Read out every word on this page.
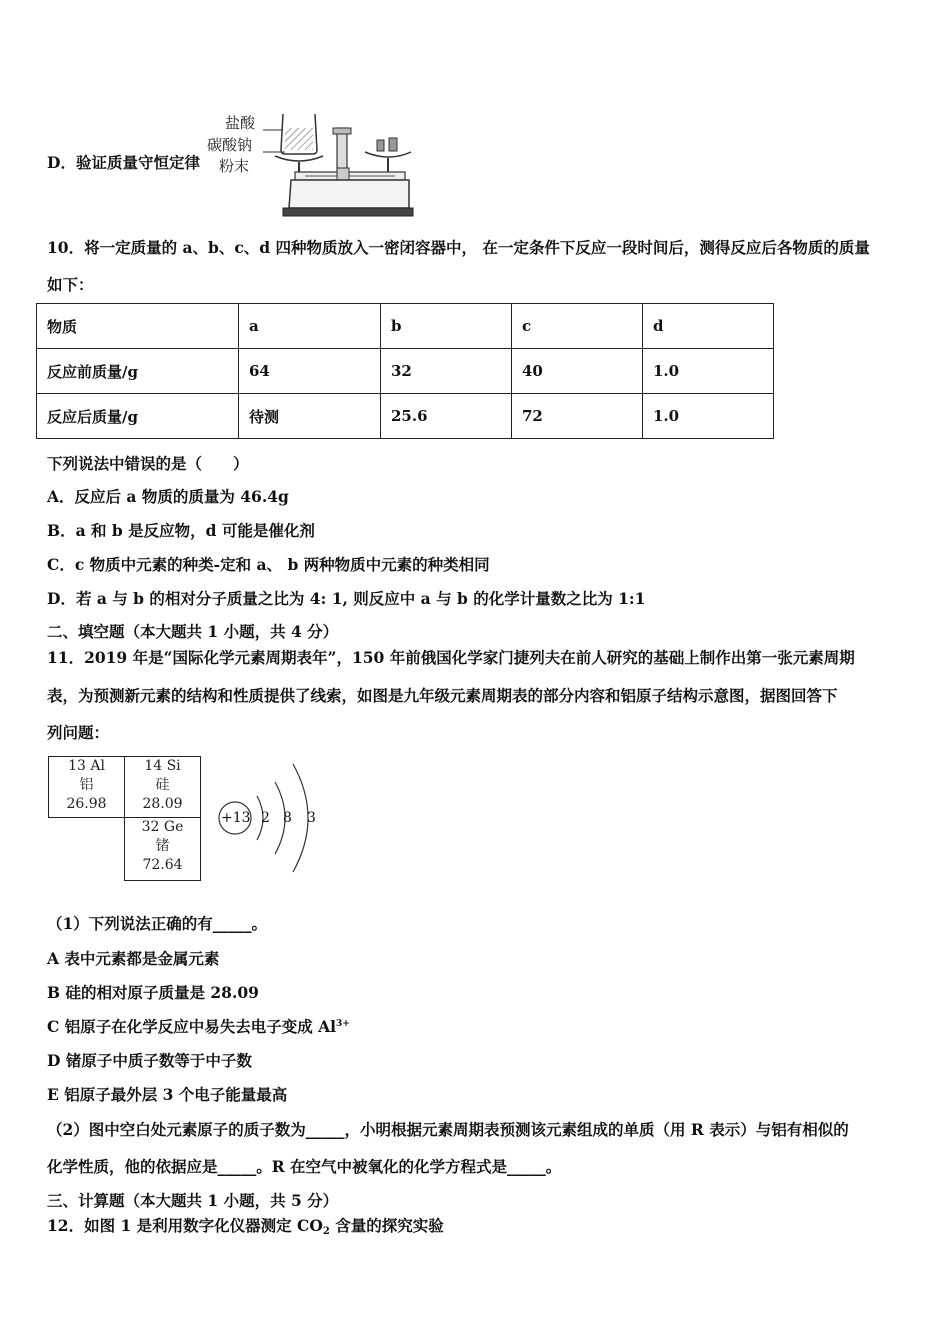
D．验证质量守恒定律
盐酸
碳酸钠
粉末
10．将一定质量的 a、b、c、d 四种物质放入一密闭容器中， 在一定条件下反应一段时间后，测得反应后各物质的质量
如下：
物质	a	b	c	d
反应前质量/g	64	32	40	1.0
反应后质量/g	待测	25.6	72	1.0
下列说法中错误的是（　　）
A．反应后 a 物质的质量为 46.4g
B．a 和 b 是反应物，d 可能是催化剂
C．c 物质中元素的种类-定和 a、 b 两种物质中元素的种类相同
D．若 a 与 b 的相对分子质量之比为 4: 1, 则反应中 a 与 b 的化学计量数之比为 1:1
二、填空题（本大题共 1 小题，共 4 分）
11．2019 年是“国际化学元素周期表年”，150 年前俄国化学家门捷列夫在前人研究的基础上制作出第一张元素周期
表，为预测新元素的结构和性质提供了线索，如图是九年级元素周期表的部分内容和铝原子结构示意图，据图回答下
列问题：
13 Al
铝
26.98
14 Si
硅
28.09
32 Ge
锗
72.64
+13 2 8 3
（1）下列说法正确的有_____。
A 表中元素都是金属元素
B 硅的相对原子质量是 28.09
C 铝原子在化学反应中易失去电子变成 $Al^{3+}$
D 锗原子中质子数等于中子数
E 铝原子最外层 3 个电子能量最高
（2）图中空白处元素原子的质子数为_____，小明根据元素周期表预测该元素组成的单质（用 R 表示）与铝有相似的
化学性质，他的依据应是_____。R 在空气中被氧化的化学方程式是_____。
三、计算题（本大题共 1 小题，共 5 分）
12．如图 1 是利用数字化仪器测定 $CO_2$ 含量的探究实验
